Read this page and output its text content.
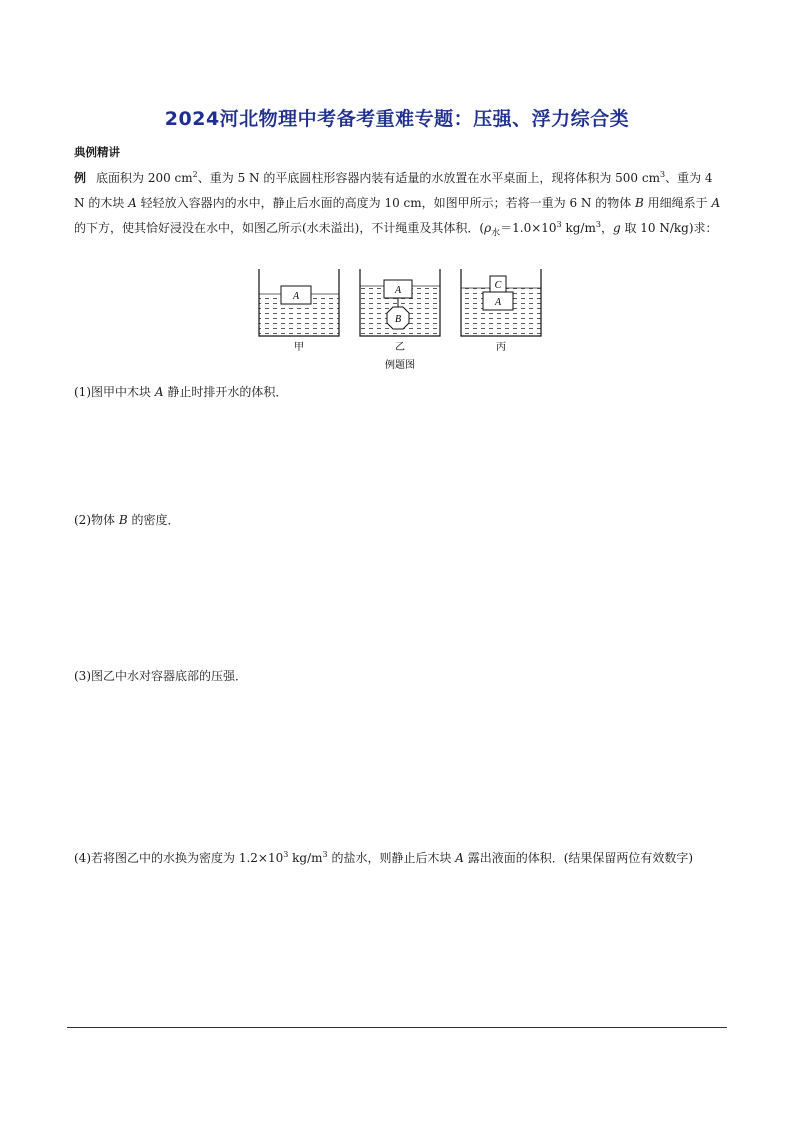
2024河北物理中考备考重难专题：压强、浮力综合类
典例精讲
例 底面积为 200 $cm^2$、重为 5 N 的平底圆柱形容器内装有适量的水放置在水平桌面上，现将体积为 500 $cm^3$、重为 4 N 的木块 A 轻轻放入容器内的水中，静止后水面的高度为 10 cm，如图甲所示；若将一重为 6 N 的物体 B 用细绳系于 A 的下方，使其恰好浸没在水中，如图乙所示(水未溢出)，不计绳重及其体积．($\rho_水=1.0\times 10^3$ $kg/m^3$，g 取 10 N/kg)求：
A
A
B
A
C
甲	乙	丙
例题图
(1)图甲中木块 A 静止时排开水的体积．
(2)物体 B 的密度．
(3)图乙中水对容器底部的压强．
(4)若将图乙中的水换为密度为 $1.2\times 10^3$ $kg/m^3$ 的盐水，则静止后木块 A 露出液面的体积．(结果保留两位有效数字)
